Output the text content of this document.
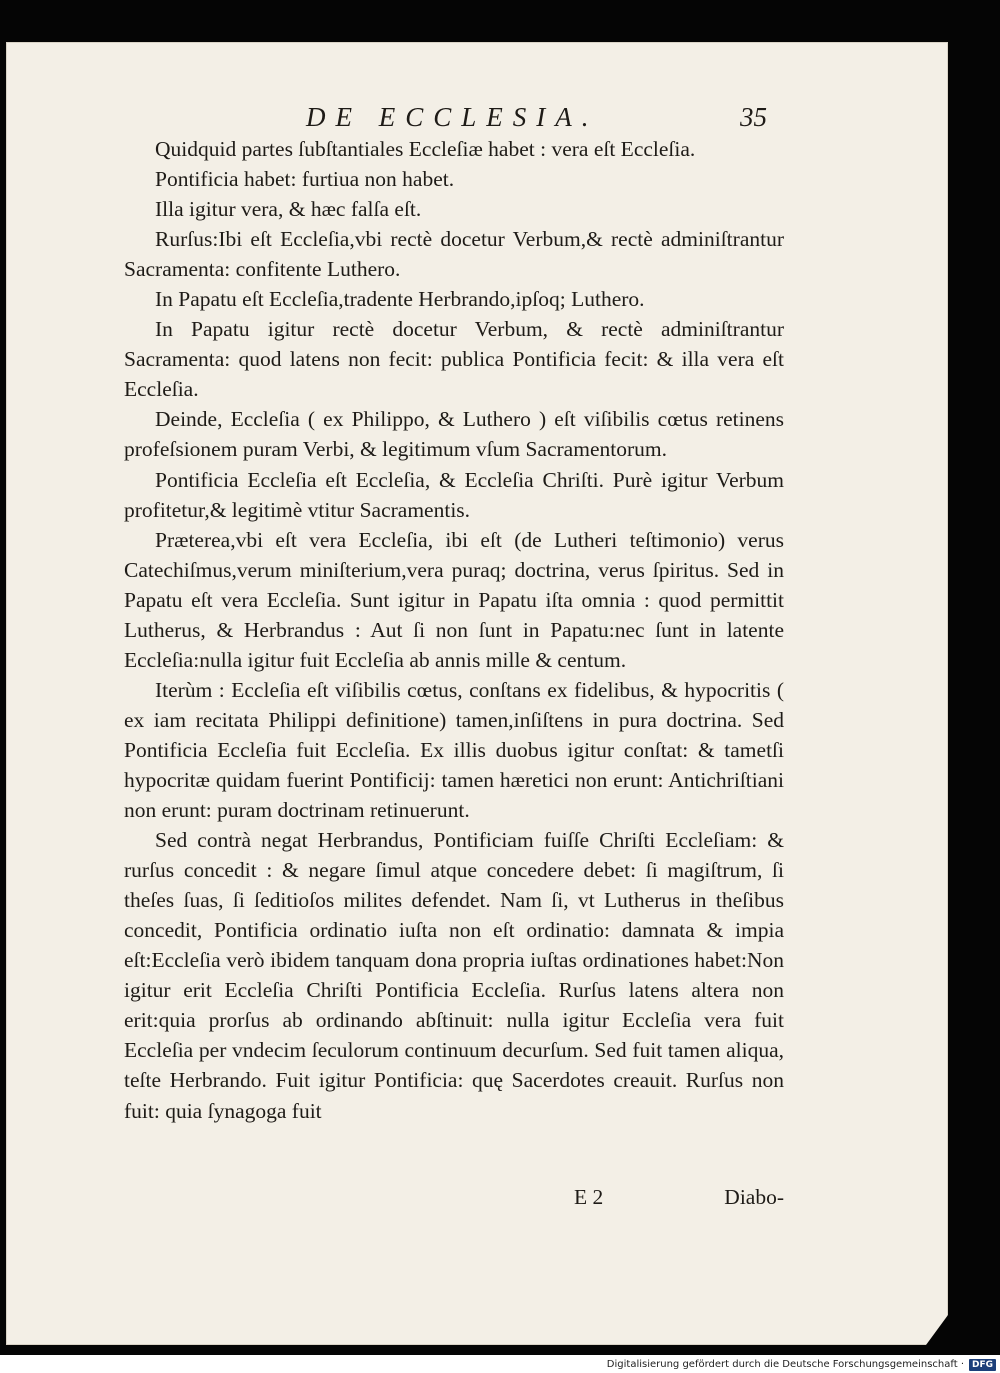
DE ECCLESIA.	35

Quidquid partes ſubſtantiales Eccleſiæ habet : vera eſt Eccleſia.

Pontificia habet: furtiua non habet.

Illa igitur vera, & hæc falſa eſt.

Rurſus:Ibi eſt Eccleſia,vbi rectè docetur Verbum,& rectè adminiſtrantur Sacramenta: confitente Luthero.

In Papatu eſt Eccleſia,tradente Herbrando,ipſoq; Luthero.

In Papatu igitur rectè docetur Verbum, & rectè adminiſtrantur Sacramenta: quod latens non fecit: publica Pontificia fecit: & illa vera eſt Eccleſia.

Deinde, Eccleſia ( ex Philippo, & Luthero ) eſt viſibilis cœtus retinens profeſsionem puram Verbi, & legitimum vſum Sacramentorum.

Pontificia Eccleſia eſt Eccleſia, & Eccleſia Chriſti. Purè igitur Verbum profitetur,& legitimè vtitur Sacramentis.

Præterea,vbi eſt vera Eccleſia, ibi eſt (de Lutheri teſtimonio) verus Catechiſmus,verum miniſterium,vera puraq; doctrina, verus ſpiritus. Sed in Papatu eſt vera Eccleſia. Sunt igitur in Papatu iſta omnia : quod permittit Lutherus, & Herbrandus : Aut ſi non ſunt in Papatu:nec ſunt in latente Eccleſia:nulla igitur fuit Eccleſia ab annis mille & centum.

Iterùm : Eccleſia eſt viſibilis cœtus, conſtans ex fidelibus, & hypocritis ( ex iam recitata Philippi definitione) tamen,inſiſtens in pura doctrina. Sed Pontificia Eccleſia fuit Eccleſia. Ex illis duobus igitur conſtat: & tametſi hypocritæ quidam fuerint Pontificij: tamen hæretici non erunt: Antichriſtiani non erunt: puram doctrinam retinuerunt.

Sed contrà negat Herbrandus, Pontificiam fuiſſe Chriſti Eccleſiam: & rurſus concedit : & negare ſimul atque concedere debet: ſi magiſtrum, ſi theſes ſuas, ſi ſeditioſos milites defendet. Nam ſi, vt Lutherus in theſibus concedit, Pontificia ordinatio iuſta non eſt ordinatio: damnata & impia eſt:Eccleſia verò ibidem tanquam dona propria iuſtas ordinationes habet:Non igitur erit Eccleſia Chriſti Pontificia Eccleſia. Rurſus latens altera non erit:quia prorſus ab ordinando abſtinuit: nulla igitur Eccleſia vera fuit Eccleſia per vndecim ſeculorum continuum decurſum. Sed fuit tamen aliqua, teſte Herbrando. Fuit igitur Pontificia: quę Sacerdotes creauit. Rurſus non fuit: quia ſynagoga fuit

E 2	Diabo-
Digitalisierung gefördert durch die Deutsche Forschungsgemeinschaft · DFG
